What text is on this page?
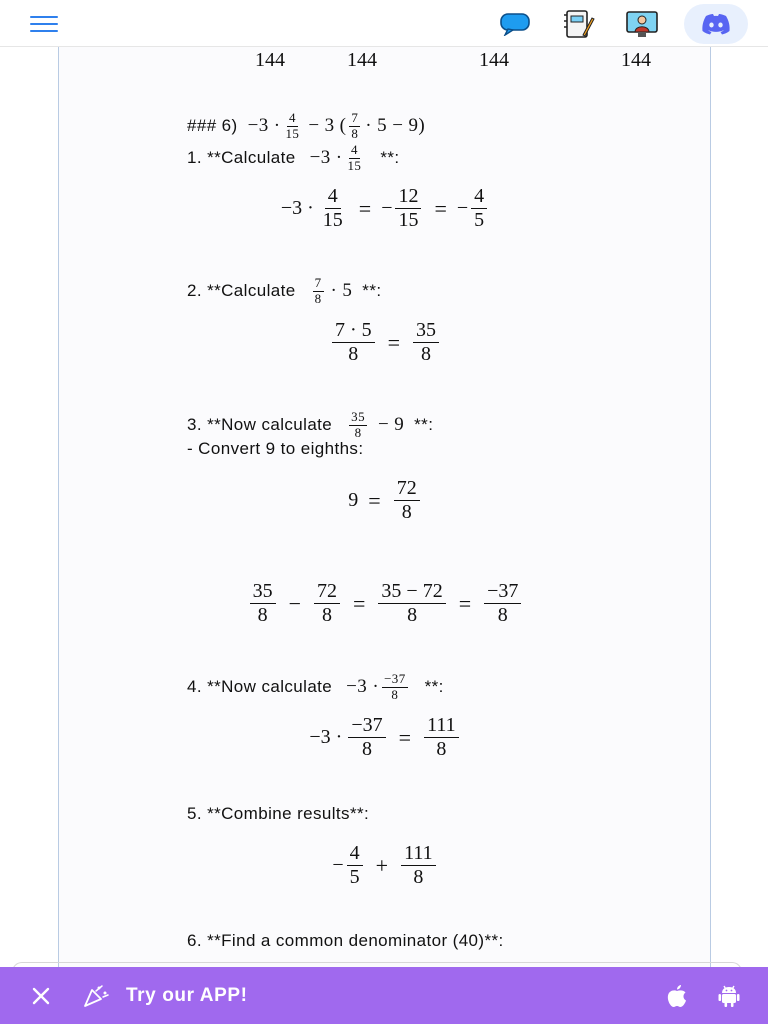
144	144	144	144
### $6) -3 \cdot \frac{4}{15} - 3$ ( $\frac{7}{8} \cdot 5 - 9$)
1. **Calculate $-3 \cdot \frac{4}{15}$ **:
$-3 \cdot \frac{4}{15}$ = − $\frac{12}{15}$ = − $\frac{4}{5}$
2. **Calculate $\frac{7}{8} \cdot 5$ **:
$\frac{7 \cdot 5}{8} = \frac{35}{8}$
3. **Now calculate $\frac{35}{8} - 9$ **:
- Convert 9 to eighths:
$9 = \frac{72}{8}$
$\frac{35}{8} - \frac{72}{8} = \frac{35 - 72}{8} = \frac{-37}{8}$
4. **Now calculate $-3 \cdot \frac{-37}{8}$ **:
$-3 \cdot \frac{-37}{8} = \frac{111}{8}$
5. **Combine results**:
− $\frac{4}{5} + \frac{111}{8}$
6. **Find a common denominator (40)**:
Try our APP!
